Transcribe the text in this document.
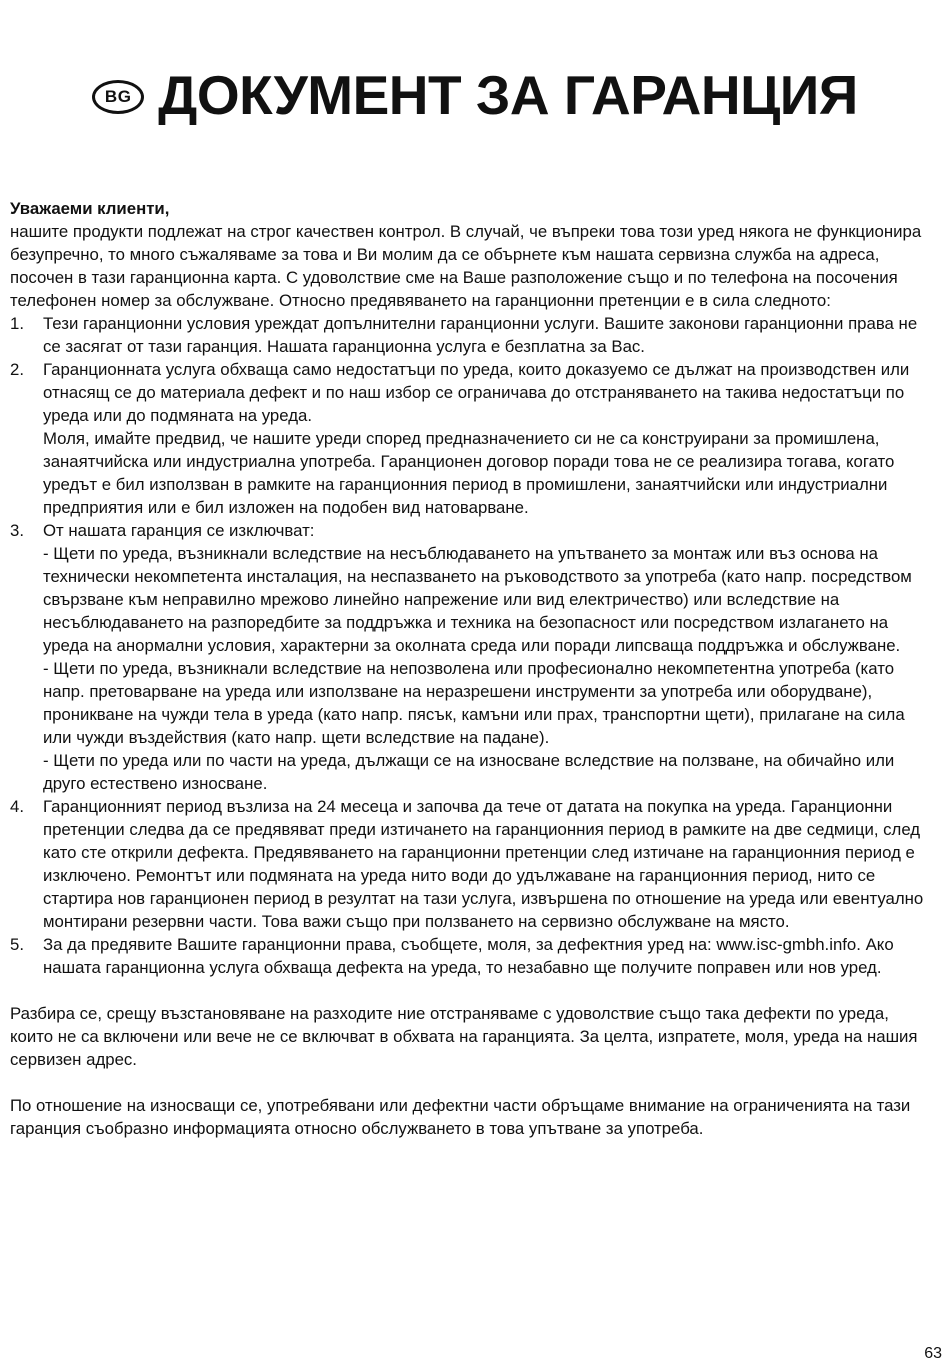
BG ДОКУМЕНТ ЗА ГАРАНЦИЯ

Уважаеми клиенти,

нашите продукти подлежат на строг качествен контрол. В случай, че въпреки това този уред някога не функционира безупречно, то много съжаляваме за това и Ви молим да се обърнете към нашата сервизна служба на адреса, посочен в тази гаранционна карта. С удоволствие сме на Ваше разположение също и по телефона на посочения телефонен номер за обслужване. Относно предявяването на гаранционни претенции е в сила следното:

1. Тези гаранционни условия уреждат допълнителни гаранционни услуги. Вашите законови гаранционни права не се засягат от тази гаранция. Нашата гаранционна услуга е безплатна за Вас.
2. Гаранционната услуга обхваща само недостатъци по уреда, които доказуемо се дължат на производствен или отнасящ се до материала дефект и по наш избор се ограничава до отстраняването на такива недостатъци по уреда или до подмяната на уреда.
Моля, имайте предвид, че нашите уреди според предназначението си не са конструирани за промишлена, занаятчийска или индустриална употреба. Гаранционен договор поради това не се реализира тогава, когато уредът е бил използван в рамките на гаранционния период в промишлени, занаятчийски или индустриални предприятия или е бил изложен на подобен вид натоварване.
3. От нашата гаранция се изключват:
- Щети по уреда, възникнали вследствие на несъблюдаването на упътването за монтаж или въз основа на технически некомпетента инсталация, на неспазването на ръководството за употреба (като напр. посредством свързване към неправилно мрежово линейно напрежение или вид електричество) или вследствие на несъблюдаването на разпоредбите за поддръжка и техника на безопасност или посредством излагането на уреда на анормални условия, характерни за околната среда или поради липсваща поддръжка и обслужване.
- Щети по уреда, възникнали вследствие на непозволена или професионално некомпетентна употреба (като напр. претоварване на уреда или използване на неразрешени инструменти за употреба или оборудване), проникване на чужди тела в уреда (като напр. пясък, камъни или прах, транспортни щети), прилагане на сила или чужди въздействия (като напр. щети вследствие на падане).
- Щети по уреда или по части на уреда, дължащи се на износване вследствие на ползване, на обичайно или друго естествено износване.
4. Гаранционният период възлиза на 24 месеца и започва да тече от датата на покупка на уреда. Гаранционни претенции следва да се предявяват преди изтичането на гаранционния период в рамките на две седмици, след като сте открили дефекта. Предявяването на гаранционни претенции след изтичане на гаранционния период е изключено. Ремонтът или подмяната на уреда нито води до удължаване на гаранционния период, нито се стартира нов гаранционен период в резултат на тази услуга, извършена по отношение на уреда или евентуално монтирани резервни части. Това важи също при ползването на сервизно обслужване на място.
5. За да предявите Вашите гаранционни права, съобщете, моля, за дефектния уред на: www.isc-gmbh.info. Ако нашата гаранционна услуга обхваща дефекта на уреда, то незабавно ще получите поправен или нов уред.

Разбира се, срещу възстановяване на разходите ние отстраняваме с удоволствие също така дефекти по уреда, които не са включени или вече не се включват в обхвата на гаранцията. За целта, изпратете, моля, уреда на нашия сервизен адрес.

По отношение на износващи се, употребявани или дефектни части обръщаме внимание на ограниченията на тази гаранция съобразно информацията относно обслужването в това упътване за употреба.

63
